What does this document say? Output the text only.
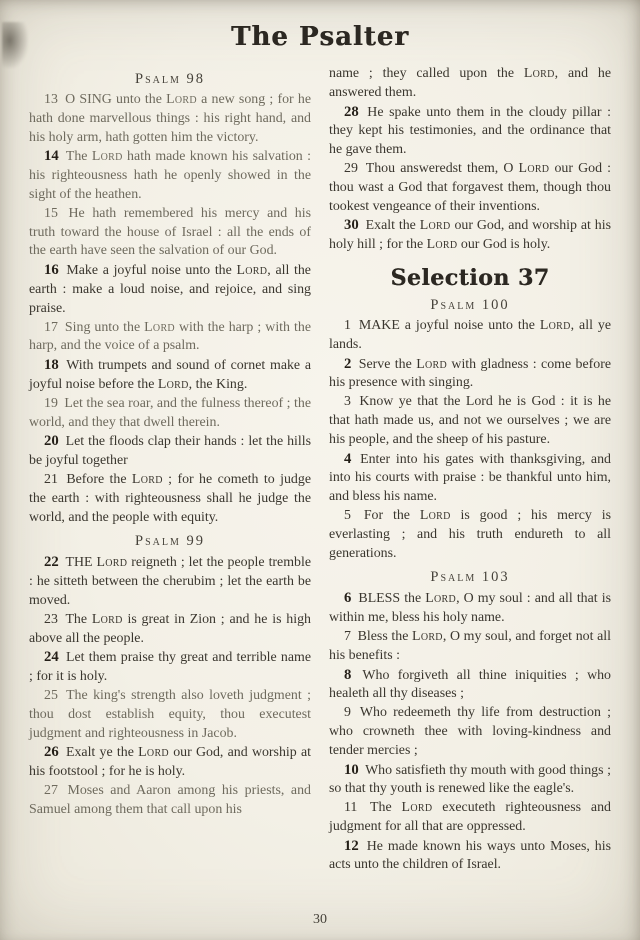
The Psalter
Psalm 98

13 O SING unto the Lord a new song ; for he hath done marvellous things : his right hand, and his holy arm, hath gotten him the victory.

14 The Lord hath made known his salvation : his righteousness hath he openly showed in the sight of the heathen.

15 He hath remembered his mercy and his truth toward the house of Israel : all the ends of the earth have seen the salvation of our God.

16 Make a joyful noise unto the Lord, all the earth : make a loud noise, and rejoice, and sing praise.

17 Sing unto the Lord with the harp ; with the harp, and the voice of a psalm.

18 With trumpets and sound of cornet make a joyful noise before the Lord, the King.

19 Let the sea roar, and the fulness thereof ; the world, and they that dwell therein.

20 Let the floods clap their hands : let the hills be joyful together

21 Before the Lord ; for he cometh to judge the earth : with righteousness shall he judge the world, and the people with equity.

Psalm 99

22 THE Lord reigneth ; let the people tremble : he sitteth between the cherubim ; let the earth be moved.

23 The Lord is great in Zion ; and he is high above all the people.

24 Let them praise thy great and terrible name ; for it is holy.

25 The king's strength also loveth judgment ; thou dost establish equity, thou executest judgment and righteousness in Jacob.

26 Exalt ye the Lord our God, and worship at his footstool ; for he is holy.

27 Moses and Aaron among his priests, and Samuel among them that call upon his

name ; they called upon the Lord, and he answered them.

28 He spake unto them in the cloudy pillar : they kept his testimonies, and the ordinance that he gave them.

29 Thou answeredst them, O Lord our God : thou wast a God that forgavest them, though thou tookest vengeance of their inventions.

30 Exalt the Lord our God, and worship at his holy hill ; for the Lord our God is holy.

Selection 37
Psalm 100

1 MAKE a joyful noise unto the Lord, all ye lands.

2 Serve the Lord with gladness : come before his presence with singing.

3 Know ye that the Lord he is God : it is he that hath made us, and not we ourselves ; we are his people, and the sheep of his pasture.

4 Enter into his gates with thanksgiving, and into his courts with praise : be thankful unto him, and bless his name.

5 For the Lord is good ; his mercy is everlasting ; and his truth endureth to all generations.

Psalm 103

6 BLESS the Lord, O my soul : and all that is within me, bless his holy name.

7 Bless the Lord, O my soul, and forget not all his benefits :

8 Who forgiveth all thine iniquities ; who healeth all thy diseases ;

9 Who redeemeth thy life from destruction ; who crowneth thee with loving-kindness and tender mercies ;

10 Who satisfieth thy mouth with good things ; so that thy youth is renewed like the eagle's.

11 The Lord executeth righteousness and judgment for all that are oppressed.

12 He made known his ways unto Moses, his acts unto the children of Israel.

30
